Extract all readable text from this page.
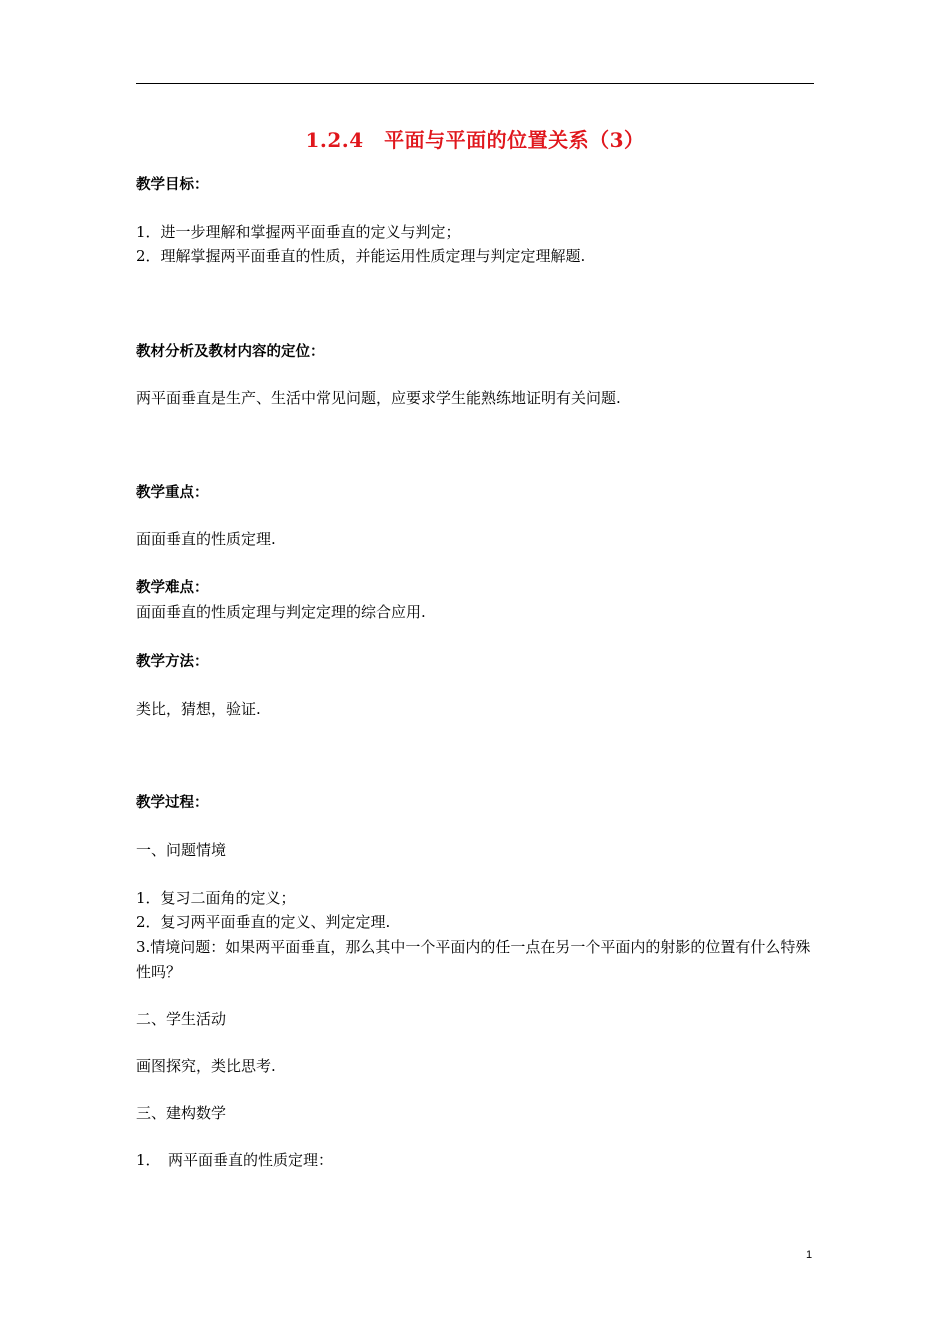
1.2.4　平面与平面的位置关系（3）
教学目标：
1．进一步理解和掌握两平面垂直的定义与判定；
2．理解掌握两平面垂直的性质，并能运用性质定理与判定定理解题.
教材分析及教材内容的定位：
两平面垂直是生产、生活中常见问题，应要求学生能熟练地证明有关问题.
教学重点：
面面垂直的性质定理.
教学难点：
面面垂直的性质定理与判定定理的综合应用.
教学方法：
类比，猜想，验证.
教学过程：
一、问题情境
1．复习二面角的定义；
2．复习两平面垂直的定义、判定定理.
3.情境问题：如果两平面垂直，那么其中一个平面内的任一点在另一个平面内的射影的位置有什么特殊性吗？
二、学生活动
画图探究，类比思考.
三、建构数学
1．　两平面垂直的性质定理：
1
